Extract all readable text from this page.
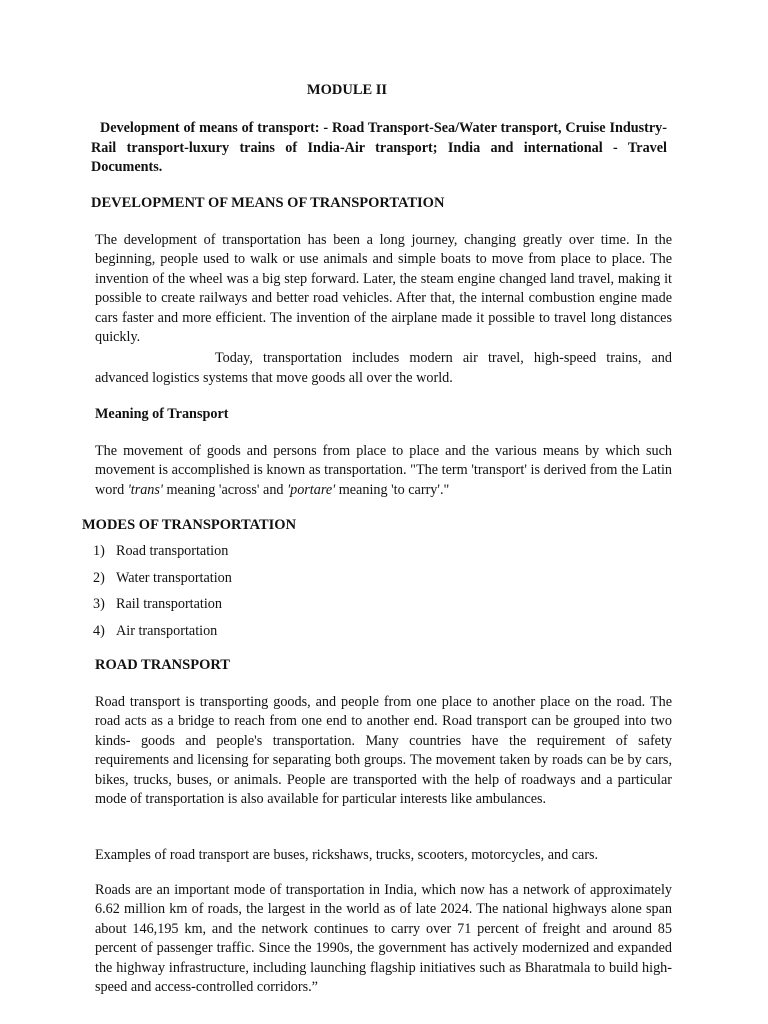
MODULE II
Development of means of transport: - Road Transport-Sea/Water transport, Cruise Industry-Rail transport-luxury trains of India-Air transport; India and international - Travel Documents.
DEVELOPMENT OF MEANS OF TRANSPORTATION

The development of transportation has been a long journey, changing greatly over time. In the beginning, people used to walk or use animals and simple boats to move from place to place. The invention of the wheel was a big step forward. Later, the steam engine changed land travel, making it possible to create railways and better road vehicles. After that, the internal combustion engine made cars faster and more efficient. The invention of the airplane made it possible to travel long distances quickly.

Today, transportation includes modern air travel, high-speed trains, and advanced logistics systems that move goods all over the world.

Meaning of Transport
The movement of goods and persons from place to place and the various means by which such movement is accomplished is known as transportation. "The term 'transport' is derived from the Latin word 'trans' meaning 'across' and 'portare' meaning 'to carry'."
MODES OF TRANSPORTATION
1) Road transportation
2) Water transportation
3) Rail transportation
4) Air transportation
ROAD TRANSPORT

Road transport is transporting goods, and people from one place to another place on the road. The road acts as a bridge to reach from one end to another end. Road transport can be grouped into two kinds- goods and people's transportation. Many countries have the requirement of safety requirements and licensing for separating both groups. The movement taken by roads can be by cars, bikes, trucks, buses, or animals. People are transported with the help of roadways and a particular mode of transportation is also available for particular interests like ambulances.

Examples of road transport are buses, rickshaws, trucks, scooters, motorcycles, and cars.

Roads are an important mode of transportation in India, which now has a network of approximately 6.62 million km of roads, the largest in the world as of late 2024. The national highways alone span about 146,195 km, and the network continues to carry over 71 percent of freight and around 85 percent of passenger traffic. Since the 1990s, the government has actively modernized and expanded the highway infrastructure, including launching flagship initiatives such as Bharatmala to build high-speed and access-controlled corridors.”
